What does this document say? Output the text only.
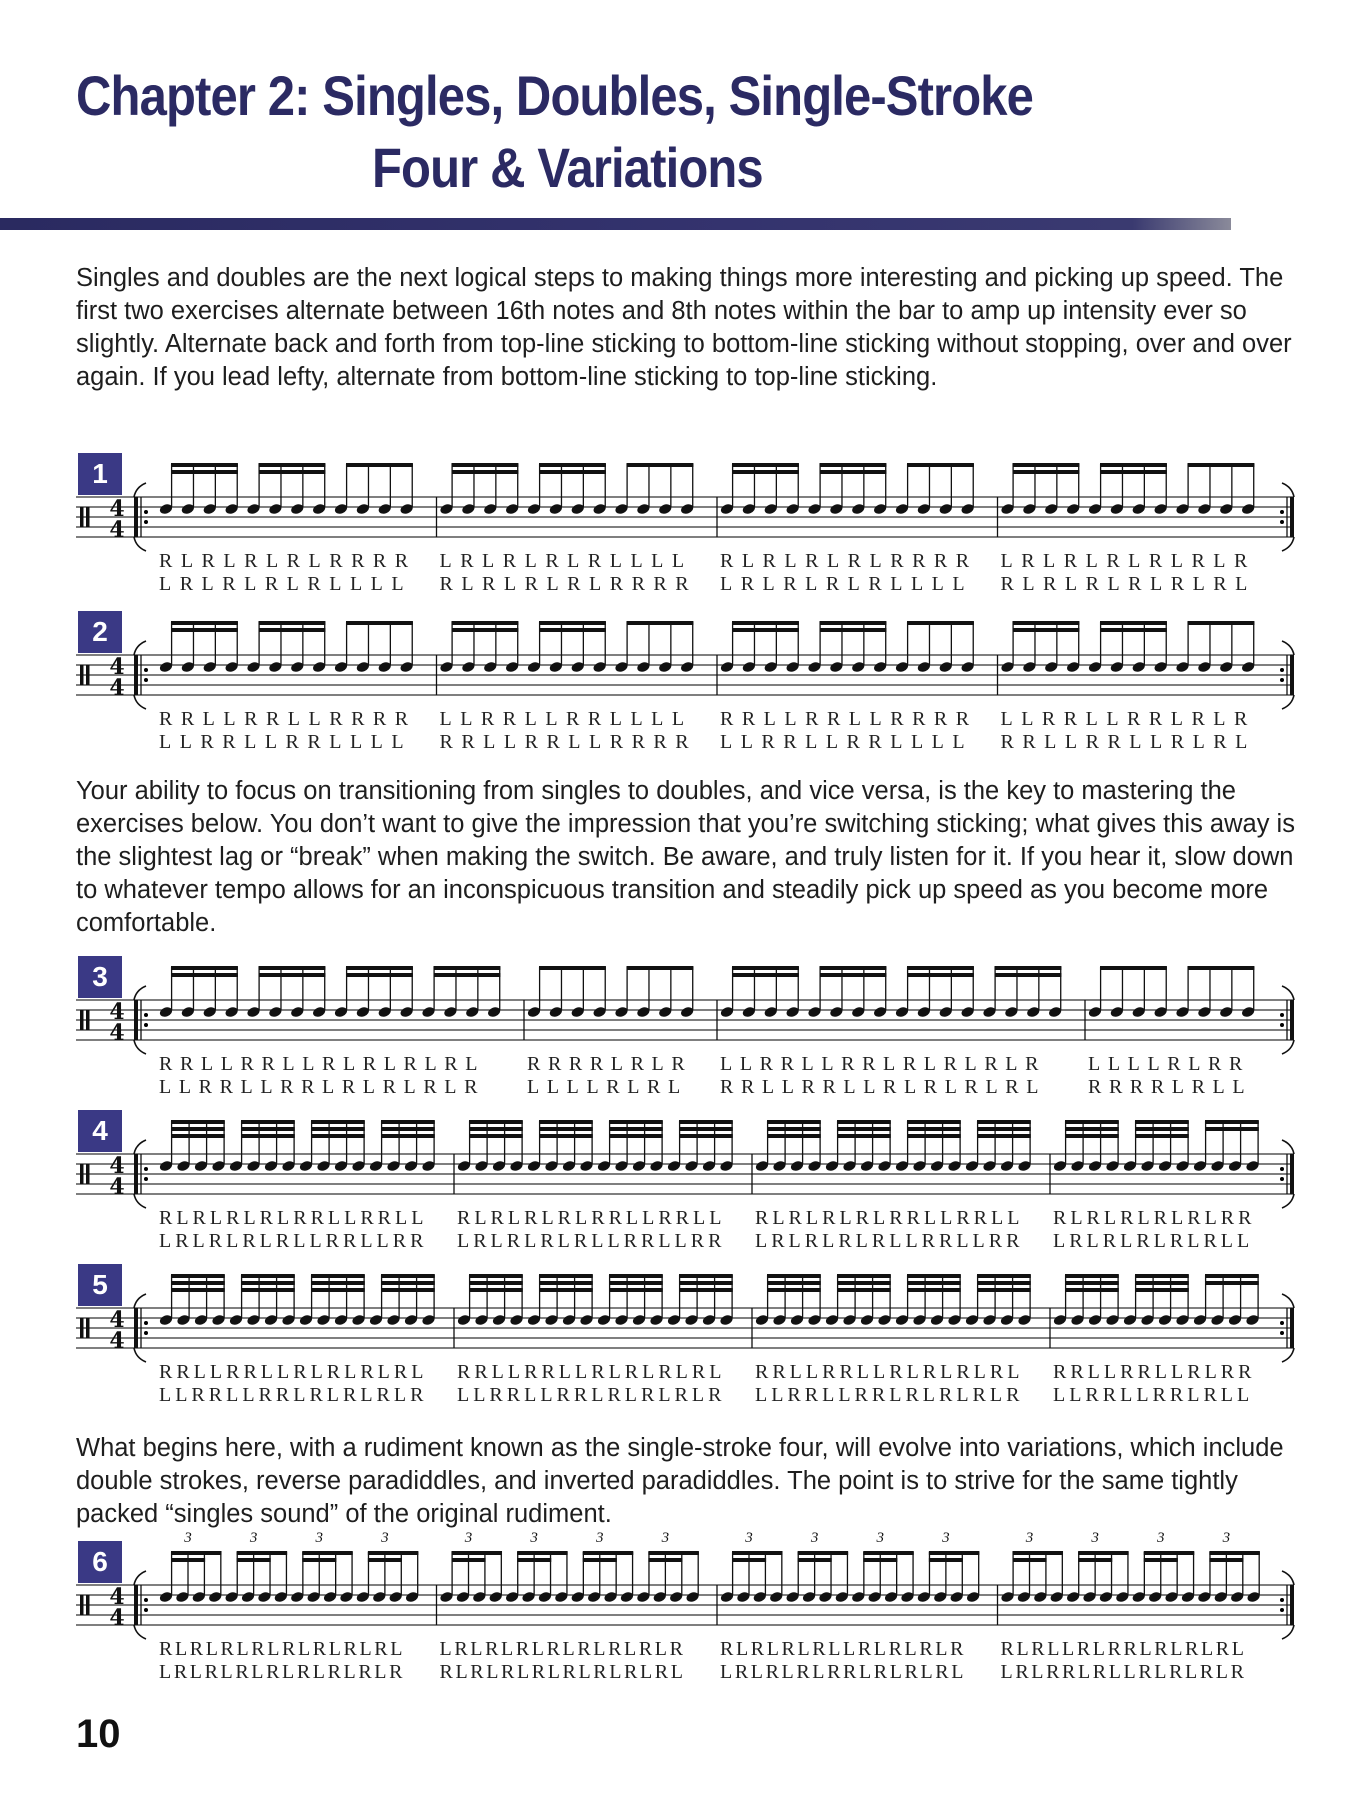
Chapter 2: Singles, Doubles, Single-Stroke
Four & Variations
Singles and doubles are the next logical steps to making things more interesting and picking up speed. The first two exercises alternate between 16th notes and 8th notes within the bar to amp up intensity ever so slightly. Alternate back and forth from top-line sticking to bottom-line sticking without stopping, over and over again. If you lead lefty, alternate from bottom-line sticking to top-line sticking.
Your ability to focus on transitioning from singles to doubles, and vice versa, is the key to mastering the exercises below. You don’t want to give the impression that you’re switching sticking; what gives this away is the slightest lag or “break” when making the switch. Be aware, and truly listen for it. If you hear it, slow down to whatever tempo allows for an inconspicuous transition and steadily pick up speed as you become more comfortable.
What begins here, with a rudiment known as the single-stroke four, will evolve into variations, which include double strokes, reverse paradiddles, and inverted paradiddles. The point is to strive for the same tightly packed “singles sound” of the original rudiment.
1
4
4
RLRLRLRLRRRR
LRLRLRLRLLLL
LRLRLRLRLLLL
RLRLRLRLRRRR
RLRLRLRLRRRR
LRLRLRLRLLLL
LRLRLRLRLRLR
RLRLRLRLRLRL
2
4
4
RRLLRRLLRRRR
LLRRLLRRLLLL
LLRRLLRRLLLL
RRLLRRLLRRRR
RRLLRRLLRRRR
LLRRLLRRLLLL
LLRRLLRRLRLR
RRLLRRLLRLRL
3
4
4
RRLLRRLLRLRLRLRL
LLRRLLRRLRLRLRLR
RRRRLRLR
LLLLRLRL
LLRRLLRRLRLRLRLR
RRLLRRLLRLRLRLRL
LLLLRLRR
RRRRLRLL
4
4
4
RLRLRLRLRRLLRRLL
LRLRLRLRLLRRLLRR
RLRLRLRLRRLLRRLL
LRLRLRLRLLRRLLRR
RLRLRLRLRRLLRRLL
LRLRLRLRLLRRLLRR
RLRLRLRLRLRR
LRLRLRLRLRLL
5
4
4
RRLLRRLLRLRLRLRL
LLRRLLRRLRLRLRLR
RRLLRRLLRLRLRLRL
LLRRLLRRLRLRLRLR
RRLLRRLLRLRLRLRL
LLRRLLRRLRLRLRLR
RRLLRRLLRLRR
LLRRLLRRLRLL
6
4
4
3	3	3	3	3	3	3	3	3	3	3	3	3	3	3	3
RLRLRLRLRLRLRLRL
LRLRLRLRLRLRLRLR
LRLRLRLRLRLRLRLR
RLRLRLRLRLRLRLRL
RLRLRLRLLRLRLRLR
LRLRLRLRRLRLRLRL
RLRLLRLRRLRLRLRL
LRLRRLRLLRLRLRLR
10
